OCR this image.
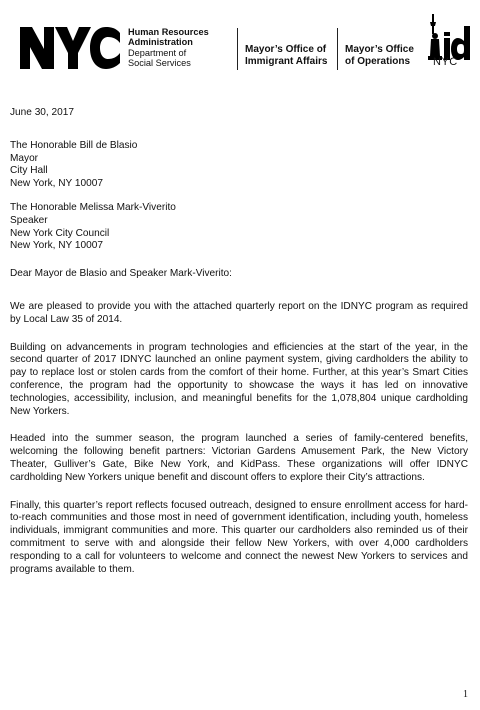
Human Resources
Administration
Department of
Social Services
Mayor’s Office of
Immigrant Affairs
Mayor’s Office
of Operations	NYC

June 30, 2017

The Honorable Bill de Blasio

Mayor

City Hall

New York, NY 10007

The Honorable Melissa Mark-Viverito

Speaker

New York City Council

New York, NY 10007

Dear Mayor de Blasio and Speaker Mark-Viverito:

We are pleased to provide you with the attached quarterly report on the IDNYC program as required by Local Law 35 of 2014.

Building on advancements in program technologies and efficiencies at the start of the year, in the second quarter of 2017 IDNYC launched an online payment system, giving cardholders the ability to pay to replace lost or stolen cards from the comfort of their home. Further, at this year’s Smart Cities conference, the program had the opportunity to showcase the ways it has led on innovative technologies, accessibility, inclusion, and meaningful benefits for the 1,078,804 unique cardholding New Yorkers.

Headed into the summer season, the program launched a series of family-centered benefits, welcoming the following benefit partners: Victorian Gardens Amusement Park, the New Victory Theater, Gulliver’s Gate, Bike New York, and KidPass. These organizations will offer IDNYC cardholding New Yorkers unique benefit and discount offers to explore their City’s attractions.

Finally, this quarter’s report reflects focused outreach, designed to ensure enrollment access for hard-to-reach communities and those most in need of government identification, including youth, homeless individuals, immigrant communities and more. This quarter our cardholders also reminded us of their commitment to serve with and alongside their fellow New Yorkers, with over 4,000 cardholders responding to a call for volunteers to welcome and connect the newest New Yorkers to services and programs available to them.

1
